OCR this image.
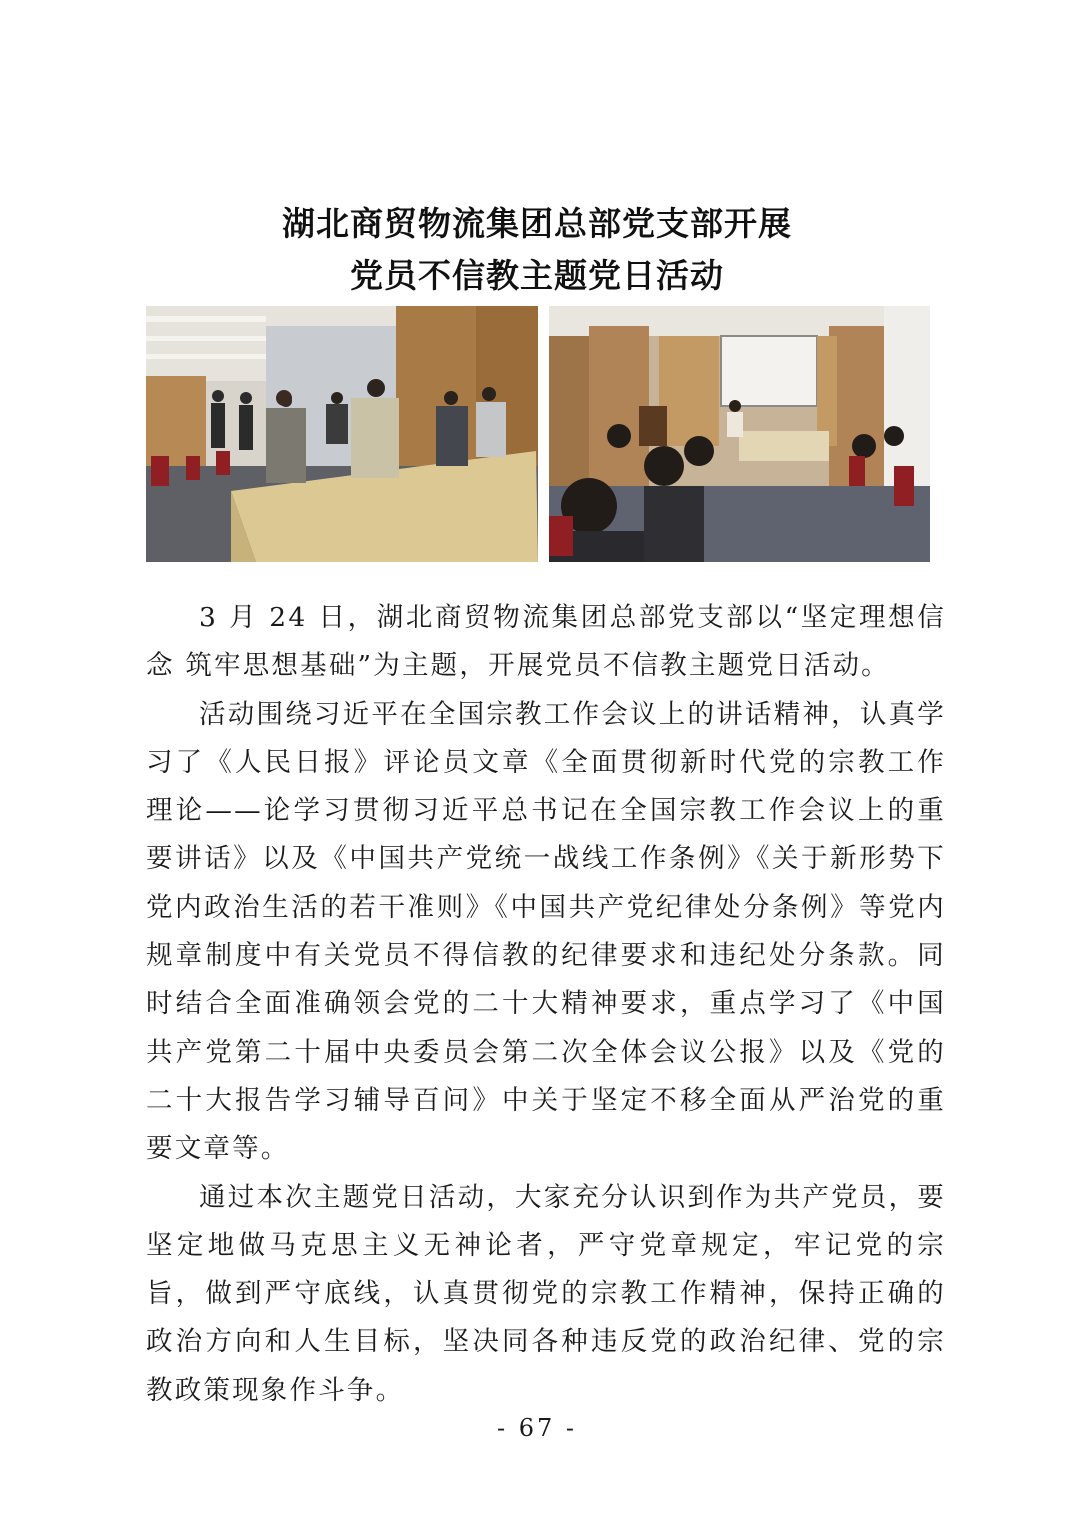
湖北商贸物流集团总部党支部开展
党员不信教主题党日活动

3 月 24 日，湖北商贸物流集团总部党支部以“坚定理想信念 筑牢思想基础”为主题，开展党员不信教主题党日活动。

活动围绕习近平在全国宗教工作会议上的讲话精神，认真学习了《人民日报》评论员文章《全面贯彻新时代党的宗教工作理论——论学习贯彻习近平总书记在全国宗教工作会议上的重要讲话》以及《中国共产党统一战线工作条例》《关于新形势下党内政治生活的若干准则》《中国共产党纪律处分条例》等党内规章制度中有关党员不得信教的纪律要求和违纪处分条款。同时结合全面准确领会党的二十大精神要求，重点学习了《中国共产党第二十届中央委员会第二次全体会议公报》以及《党的二十大报告学习辅导百问》中关于坚定不移全面从严治党的重要文章等。

通过本次主题党日活动，大家充分认识到作为共产党员，要坚定地做马克思主义无神论者，严守党章规定，牢记党的宗旨，做到严守底线，认真贯彻党的宗教工作精神，保持正确的政治方向和人生目标，坚决同各种违反党的政治纪律、党的宗教政策现象作斗争。

- 67 -
